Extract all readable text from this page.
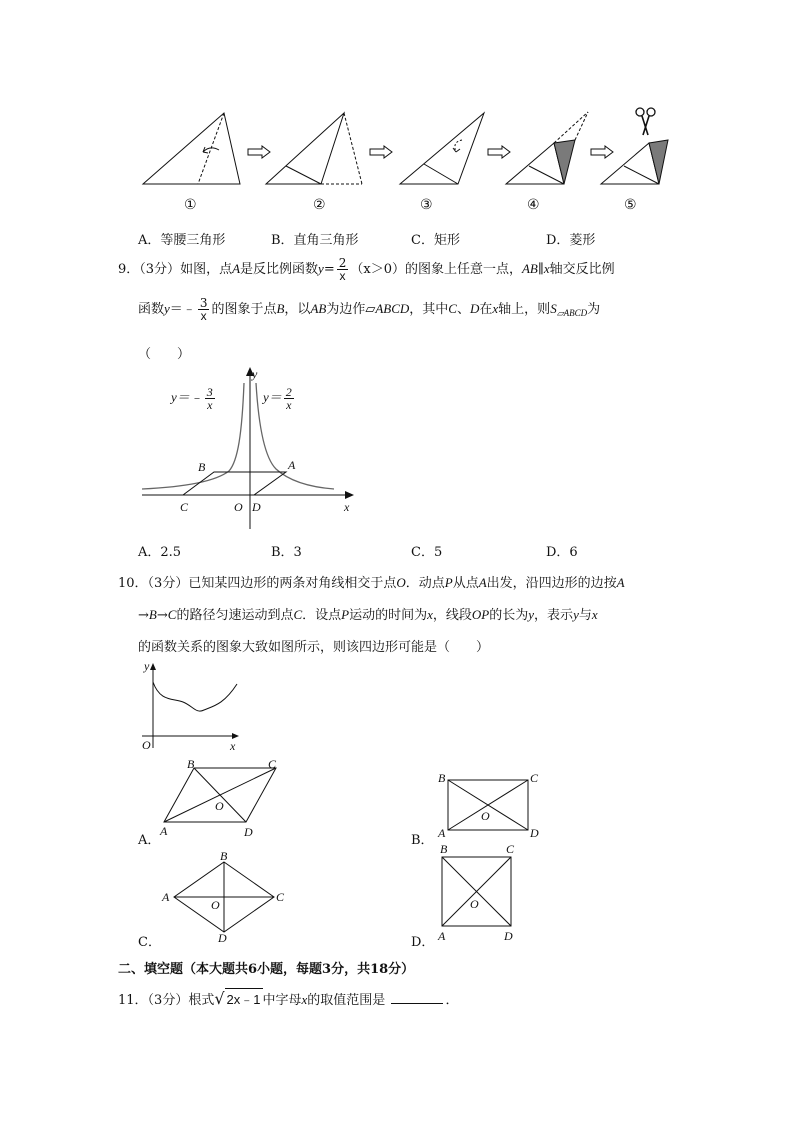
①	②	③	④	⑤
A．等腰三角形	B．直角三角形	C．矩形	D．菱形
9．（3分）如图，点A是反比例函数$y= \frac{2}{x} (x>0)$的图象上任意一点，AB∥x轴交反比例
函数y＝﹣ $\frac{3}{x}$ 的图象于点B，以AB为边作▱ABCD，其中C、D在x轴上，则$S_{▱ABCD}$为
（　　）
y
x
O
A
B
C	D
y＝﹣ $\frac{3}{x}$	$y= \frac{2}{x}$
A．2.5	B．3	C．5	D．6
10．（3分）已知某四边形的两条对角线相交于点O．动点P从点A出发，沿四边形的边按A
→B→C的路径匀速运动到点C．设点P运动的时间为x，线段OP的长为y，表示y与x
的函数关系的图象大致如图所示，则该四边形可能是（　　）
y
x
O
A．
B	C
A	D
O
B．
B	C
A	D
O
C．
B
C
A
D
O
D．
B	C
A	D
O
二、填空题（本大题共6小题，每题3分，共18分）
11．（3分）根式√ 2x﹣1 中字母x的取值范围是	．
